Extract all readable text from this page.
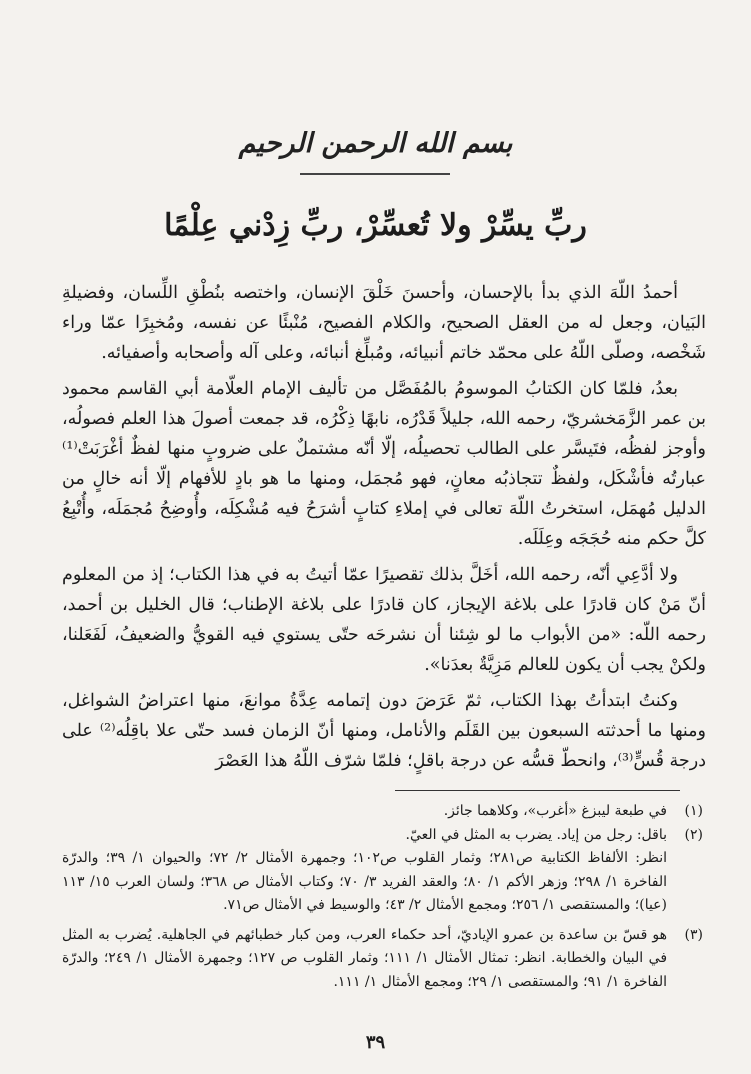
بسم الله الرحمن الرحيم
ربِّ يسِّرْ ولا تُعسِّرْ، ربِّ زِدْني عِلْمًا

أحمدُ اللّهَ الذي بدأ بالإحسان، وأحسنَ خَلْقَ الإنسان، واختصه بنُطْقِ اللِّسان، وفضيلةِ البَيان، وجعل له من العقل الصحيح، والكلام الفصيح، مُنْبئًا عن نفسه، ومُخبِرًا عمّا وراء شَخْصه، وصلّى اللّهُ على محمّد خاتم أنبيائه، ومُبلِّغ أنبائه، وعلى آله وأصحابه وأصفيائه.

بعدُ، فلمّا كان الكتابُ الموسومُ بالمُفَصَّل من تأليف الإمام العلّامة أبي القاسم محمود بن عمر الزَّمَخشريّ، رحمه الله، جليلاً قَدْرُه، نابهًا ذِكْرُه، قد جمعت أصولَ هذا العلم فصولُه، وأوجز لفظُه، فتَيسَّر على الطالب تحصيلُه، إلّا أنّه مشتملٌ على ضروبٍ منها لفظٌ أغْرَبَتْ⁽¹⁾ عبارتُه فأشْكَل، ولفظٌ تتجاذبُه معانٍ، فهو مُجمَل، ومنها ما هو بادٍ للأفهام إلّا أنه خالٍ من الدليل مُهمَل، استخرتُ اللّهَ تعالى في إملاءِ كتابٍ أشرَحُ فيه مُشْكِلَه، وأُوضِحُ مُجمَلَه، وأُتْبِعُ كلَّ حكم منه حُجَجَه وعِلَلَه.

ولا أدَّعِي أنّه، رحمه الله، أخَلَّ بذلك تقصيرًا عمّا أتيتُ به في هذا الكتاب؛ إذ من المعلوم أنّ مَنْ كان قادرًا على بلاغة الإيجاز، كان قادرًا على بلاغة الإطناب؛ قال الخليل بن أحمد، رحمه اللّه: «من الأبواب ما لو شِئنا أن نشرحَه حتّى يستوي فيه القويُّ والضعيفُ، لَفَعَلنا، ولكنْ يجب أن يكون للعالم مَزِيَّةٌ بعدَنا».

وكنتُ ابتدأتُ بهذا الكتاب، ثمّ عَرَضَ دون إتمامه عِدَّةُ موانعَ، منها اعتراضُ الشواغل، ومنها ما أحدثته السبعون بين القَلَم والأنامل، ومنها أنّ الزمان فسد حتّى علا باقِلُه⁽²⁾ على درجة قُسٍّ⁽³⁾، وانحطّ قسُّه عن درجة باقلٍ؛ فلمّا شرّف اللّهُ هذا العَصْرَ

(١)
في طبعة ليبزغ «أغرب»، وكلاهما جائز.
(٢)
باقل: رجل من إياد. يضرب به المثل في العيّ.
انظر: الألفاظ الكتابية ص٢٨١؛ وثمار القلوب ص١٠٢؛ وجمهرة الأمثال ٢/ ٧٢؛ والحيوان ١/ ٣٩؛ والدرّة الفاخرة ١/ ٢٩٨؛ وزهر الأكم ١/ ٨٠؛ والعقد الفريد ٣/ ٧٠؛ وكتاب الأمثال ص ٣٦٨؛ ولسان العرب ١٥/ ١١٣ (عيا)؛ والمستقصى ١/ ٢٥٦؛ ومجمع الأمثال ٢/ ٤٣؛ والوسيط في الأمثال ص٧١.
(٣)
هو قسّ بن ساعدة بن عمرو الإياديّ، أحد حكماء العرب، ومن كبار خطبائهم في الجاهلية. يُضرب به المثل في البيان والخطابة. انظر: تمثال الأمثال ١/ ١١١؛ وثمار القلوب ص ١٢٧؛ وجمهرة الأمثال ١/ ٢٤٩؛ والدرّة الفاخرة ١/ ٩١؛ والمستقصى ١/ ٢٩؛ ومجمع الأمثال ١/ ١١١.
٣٩
